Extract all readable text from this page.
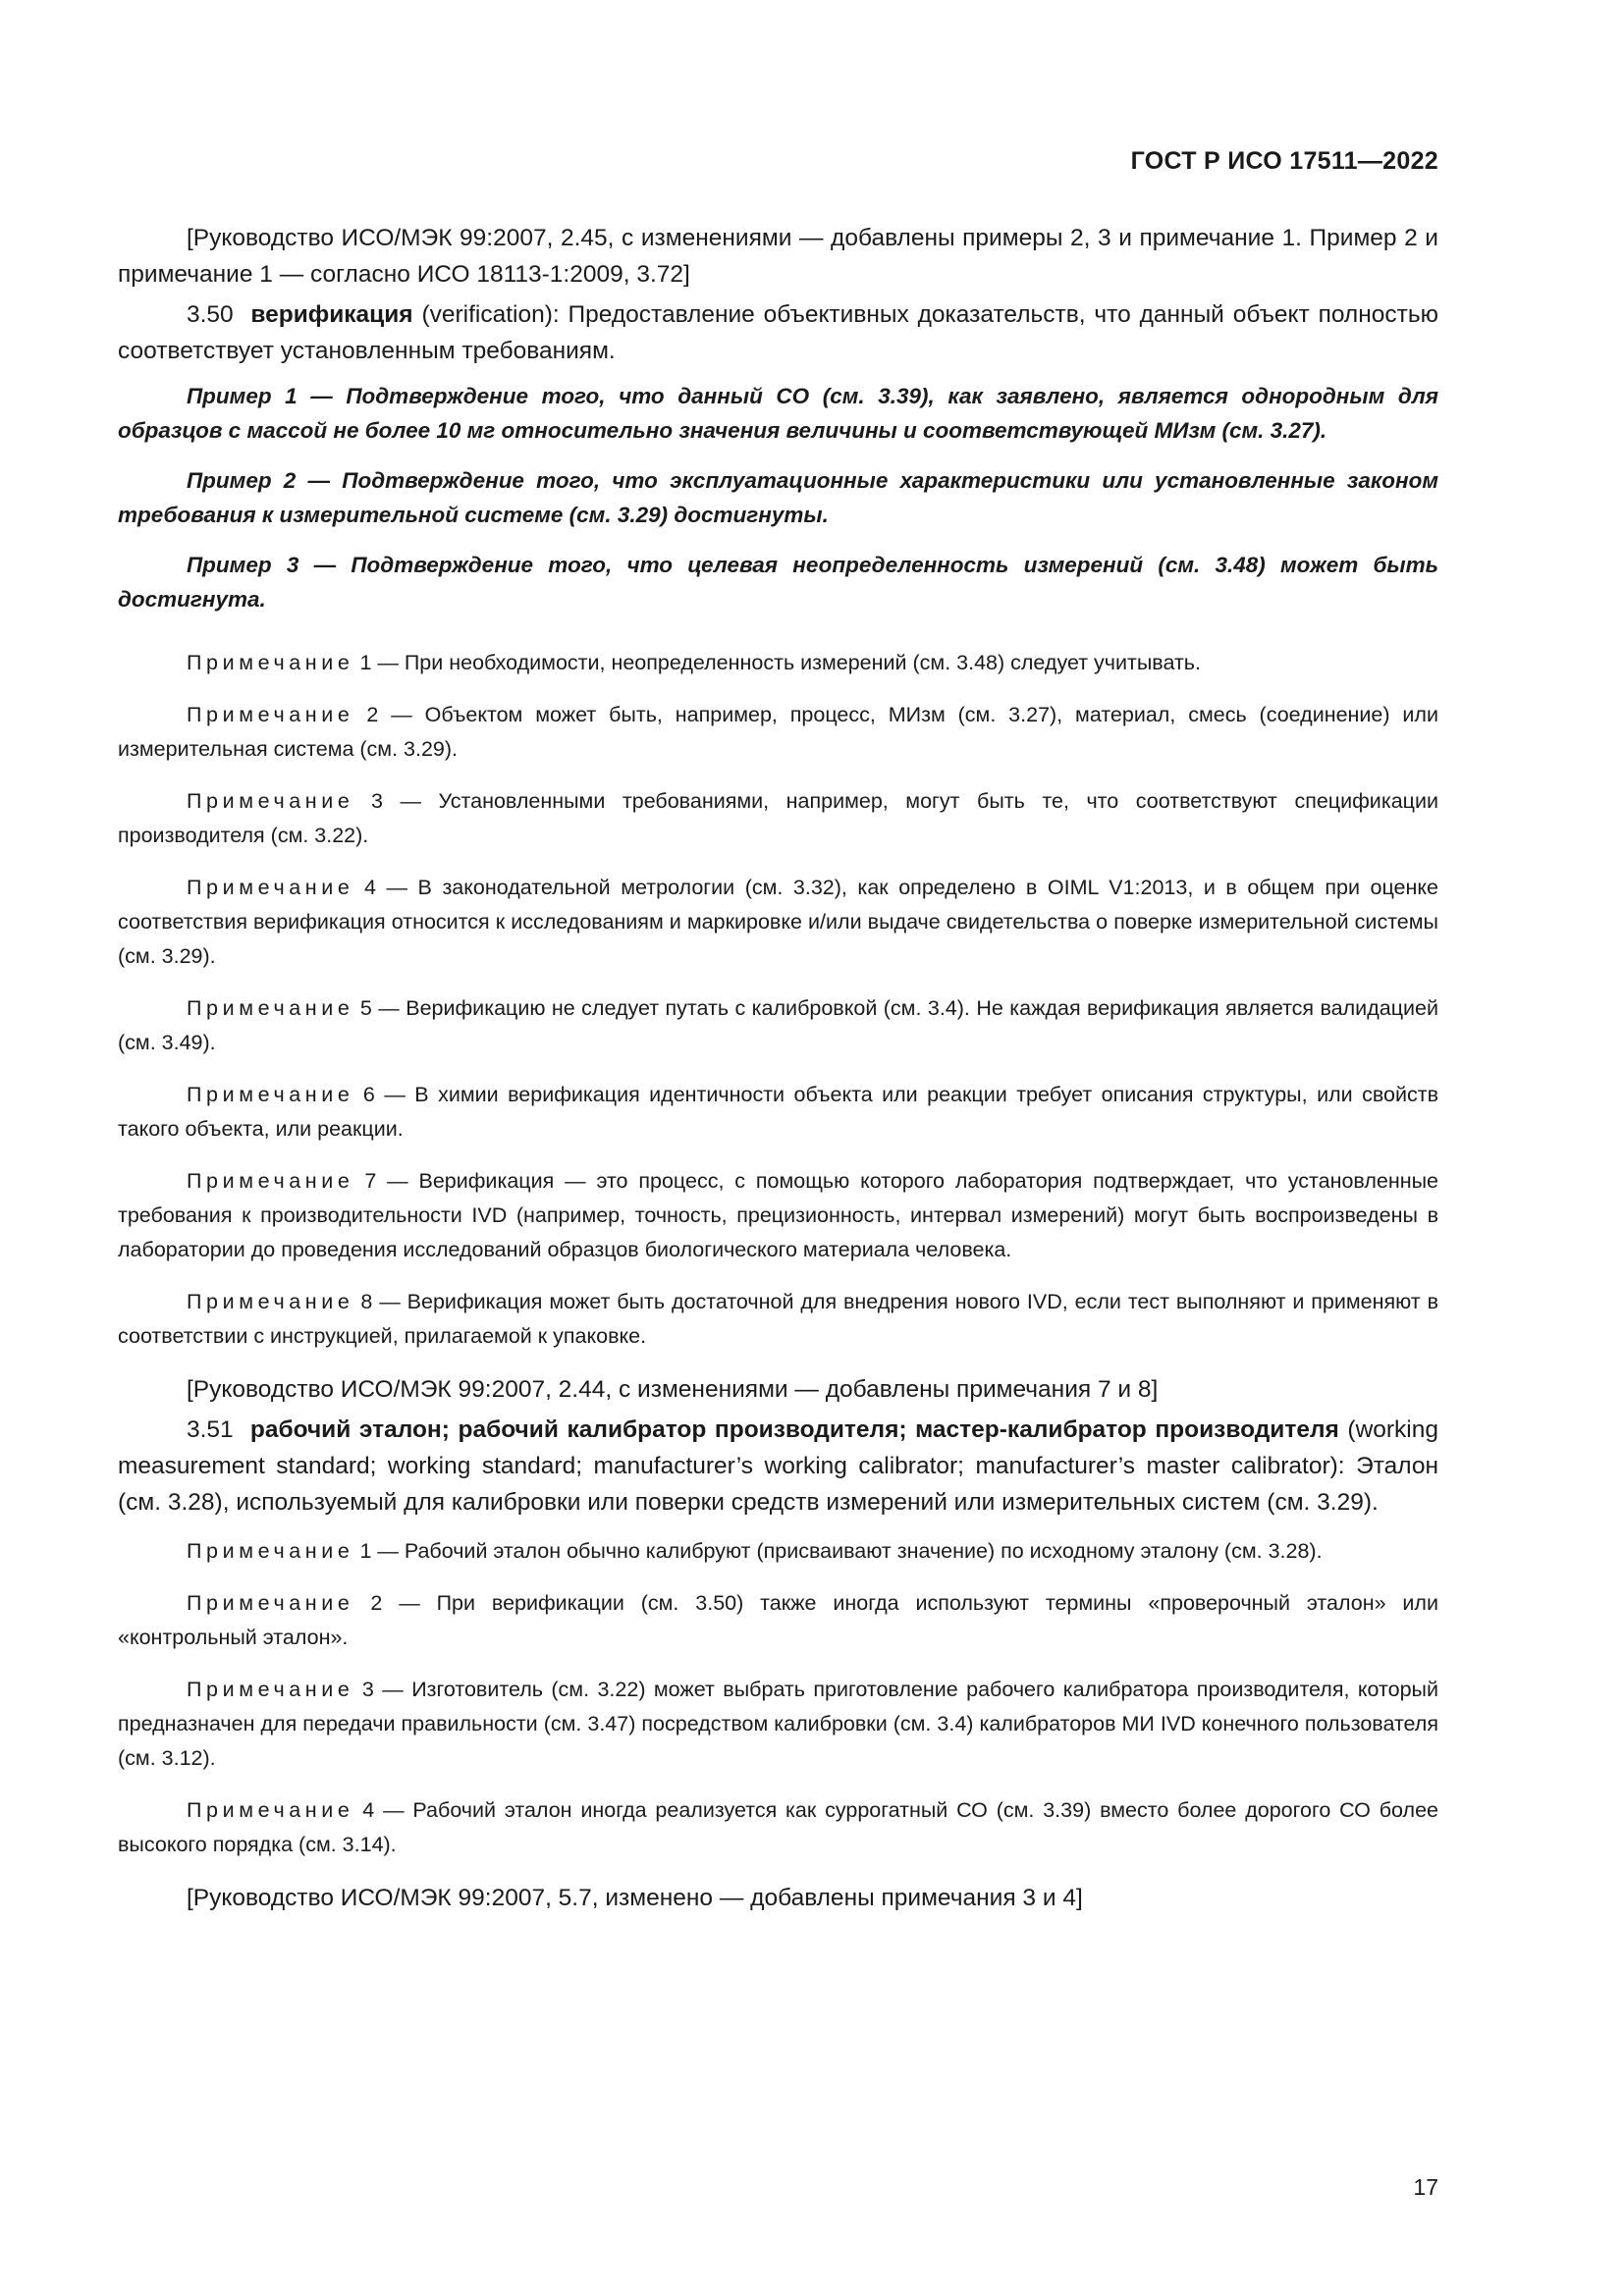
ГОСТ Р ИСО 17511—2022

[Руководство ИСО/МЭК 99:2007, 2.45, с изменениями — добавлены примеры 2, 3 и примечание 1. Пример 2 и примечание 1 — согласно ИСО 18113-1:2009, 3.72]

3.50 верификация (verification): Предоставление объективных доказательств, что данный объект полностью соответствует установленным требованиям.

Пример 1 — Подтверждение того, что данный СО (см. 3.39), как заявлено, является однородным для образцов с массой не более 10 мг относительно значения величины и соответствующей МИзм (см. 3.27).

Пример 2 — Подтверждение того, что эксплуатационные характеристики или установленные законом требования к измерительной системе (см. 3.29) достигнуты.

Пример 3 — Подтверждение того, что целевая неопределенность измерений (см. 3.48) может быть достигнута.

Примечание 1 — При необходимости, неопределенность измерений (см. 3.48) следует учитывать.

Примечание 2 — Объектом может быть, например, процесс, МИзм (см. 3.27), материал, смесь (соединение) или измерительная система (см. 3.29).

Примечание 3 — Установленными требованиями, например, могут быть те, что соответствуют спецификации производителя (см. 3.22).

Примечание 4 — В законодательной метрологии (см. 3.32), как определено в OIML V1:2013, и в общем при оценке соответствия верификация относится к исследованиям и маркировке и/или выдаче свидетельства о поверке измерительной системы (см. 3.29).

Примечание 5 — Верификацию не следует путать с калибровкой (см. 3.4). Не каждая верификация является валидацией (см. 3.49).

Примечание 6 — В химии верификация идентичности объекта или реакции требует описания структуры, или свойств такого объекта, или реакции.

Примечание 7 — Верификация — это процесс, с помощью которого лаборатория подтверждает, что установленные требования к производительности IVD (например, точность, прецизионность, интервал измерений) могут быть воспроизведены в лаборатории до проведения исследований образцов биологического материала человека.

Примечание 8 — Верификация может быть достаточной для внедрения нового IVD, если тест выполняют и применяют в соответствии с инструкцией, прилагаемой к упаковке.

[Руководство ИСО/МЭК 99:2007, 2.44, с изменениями — добавлены примечания 7 и 8]

3.51 рабочий эталон; рабочий калибратор производителя; мастер-калибратор производителя (working measurement standard; working standard; manufacturer’s working calibrator; manufacturer’s master calibrator): Эталон (см. 3.28), используемый для калибровки или поверки средств измерений или измерительных систем (см. 3.29).

Примечание 1 — Рабочий эталон обычно калибруют (присваивают значение) по исходному эталону (см. 3.28).

Примечание 2 — При верификации (см. 3.50) также иногда используют термины «проверочный эталон» или «контрольный эталон».

Примечание 3 — Изготовитель (см. 3.22) может выбрать приготовление рабочего калибратора производителя, который предназначен для передачи правильности (см. 3.47) посредством калибровки (см. 3.4) калибраторов МИ IVD конечного пользователя (см. 3.12).

Примечание 4 — Рабочий эталон иногда реализуется как суррогатный СО (см. 3.39) вместо более дорогого СО более высокого порядка (см. 3.14).

[Руководство ИСО/МЭК 99:2007, 5.7, изменено — добавлены примечания 3 и 4]

17
